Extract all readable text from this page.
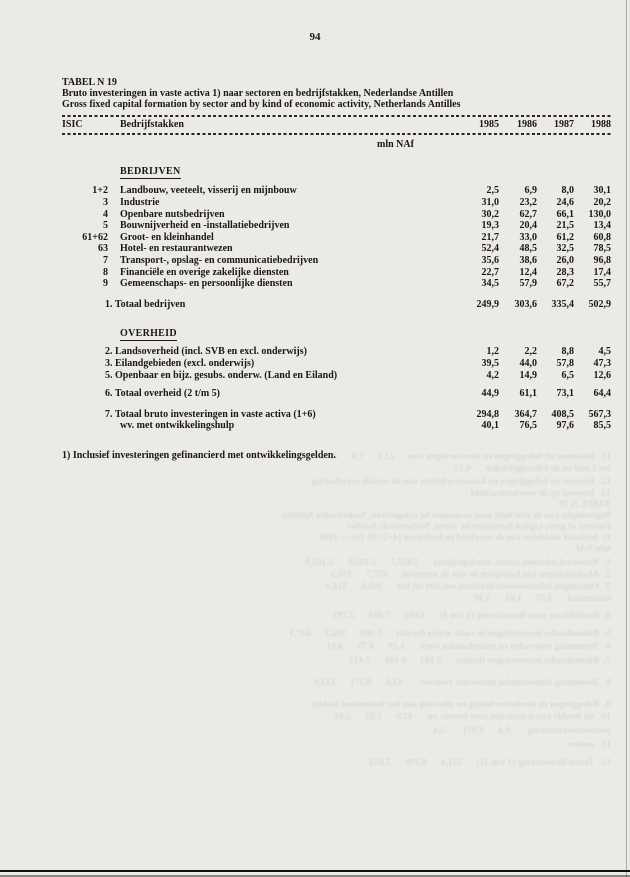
94
TABEL N 19
Bruto investeringen in vaste activa 1) naar sectoren en bedrijfstakken, Nederlandse Antillen
Gross fixed capital formation by sector and by kind of economic activity, Netherlands Antilles
ISIC	Bedrijfstakken	1985	1986	1987	1988
mln NAf
BEDRIJVEN
1+2	Landbouw, veeteelt, visserij en mijnbouw	2,5	6,9	8,0	30,1
3	Industrie	31,0	23,2	24,6	20,2
4	Openbare nutsbedrijven	30,2	62,7	66,1	130,0
5	Bouwnijverheid en -installatiebedrijven	19,3	20,4	21,5	13,4
61+62	Groot- en kleinhandel	21,7	33,0	61,2	60,8
63	Hotel- en restaurantwezen	52,4	48,5	32,5	78,5
7	Transport-, opslag- en communicatiebedrijven	35,6	38,6	26,0	96,8
8	Financiële en overige zakelijke diensten	22,7	12,4	28,3	17,4
9	Gemeenschaps- en persoonlijke diensten	34,5	57,9	67,2	55,7
1. Totaal bedrijven	249,9	303,6	335,4	502,9
OVERHEID
2. Landsoverheid (incl. SVB en excl. onderwijs)	1,2	2,2	8,8	4,5
3. Eilandgebieden (excl. onderwijs)	39,5	44,0	57,8	47,3
5. Openbaar en bijz. gesubs. onderw. (Land en Eiland)	4,2	14,9	6,5	12,6
6. Totaal overheid (2 t/m 5)	44,9	61,1	73,1	64,4
7. Totaal bruto investeringen in vaste activa (1+6)	294,8	364,7	408,5	567,3
wv. met ontwikkelingshulp	40,1	76,5	97,6	85,5
1) Inclusief investeringen gefinancierd met ontwikkelingsgelden.
11.  Inkomen uit beleggingen en investeringen van      22,3      7,0      4,5
het Land en de Eilandgebieden      0,12
12.  Interest op beleggingen en kasoverschotten van de sociale verzekering
13.  Interest op de overheidsschuld
TABEL N 18
Begrotingen van de overheid naar economische categorieën, Nederlandse Antillen
Finance of gross capital formation by sector, Netherlands Antilles
1)  Inclusief middelen van de overheid en bedrijven (4+5+10-16) — 1986
mln NAf
1.  Nationaal inkomen (netto, marktprijzen)      3.027,7      2.105,8      2.102,9
2.  Afschrijvingen van bedrijven en van de overheid      527,7      533,3
3.  Ontvangen inkomensoverdrachten om niet uit het      393,0      314,4
buitenland      3,57      1,65      3,38
4.  Beschikbaar voor financiering (1 t/m 3)      4.693      7.083      2.795
5.  Binnenlandse investeringen in vaste activa (bruto)      7.306      594,3      647,3
6.  Toeneming voorraden en onderhanden werk      1,19      0,75      4,81
7.  Binnenlandse investeringen (bruto)      5.193      6.180      7.415
8.  Toeneming binnenlandse monetaire reserves      -83,0      0,371      123,9
9.  Beleggingen en kredietverlening en aflossing aan het buitenland (saldo)
10.  uit hoofde van transacties voor levens- en      42,9      1,85      2,03
pensioenverzekering      -9,4      0,971      -3,4
11.  andere
12.  Totaal financiering (1 t/m 11)      531,4      8,290      7,853
